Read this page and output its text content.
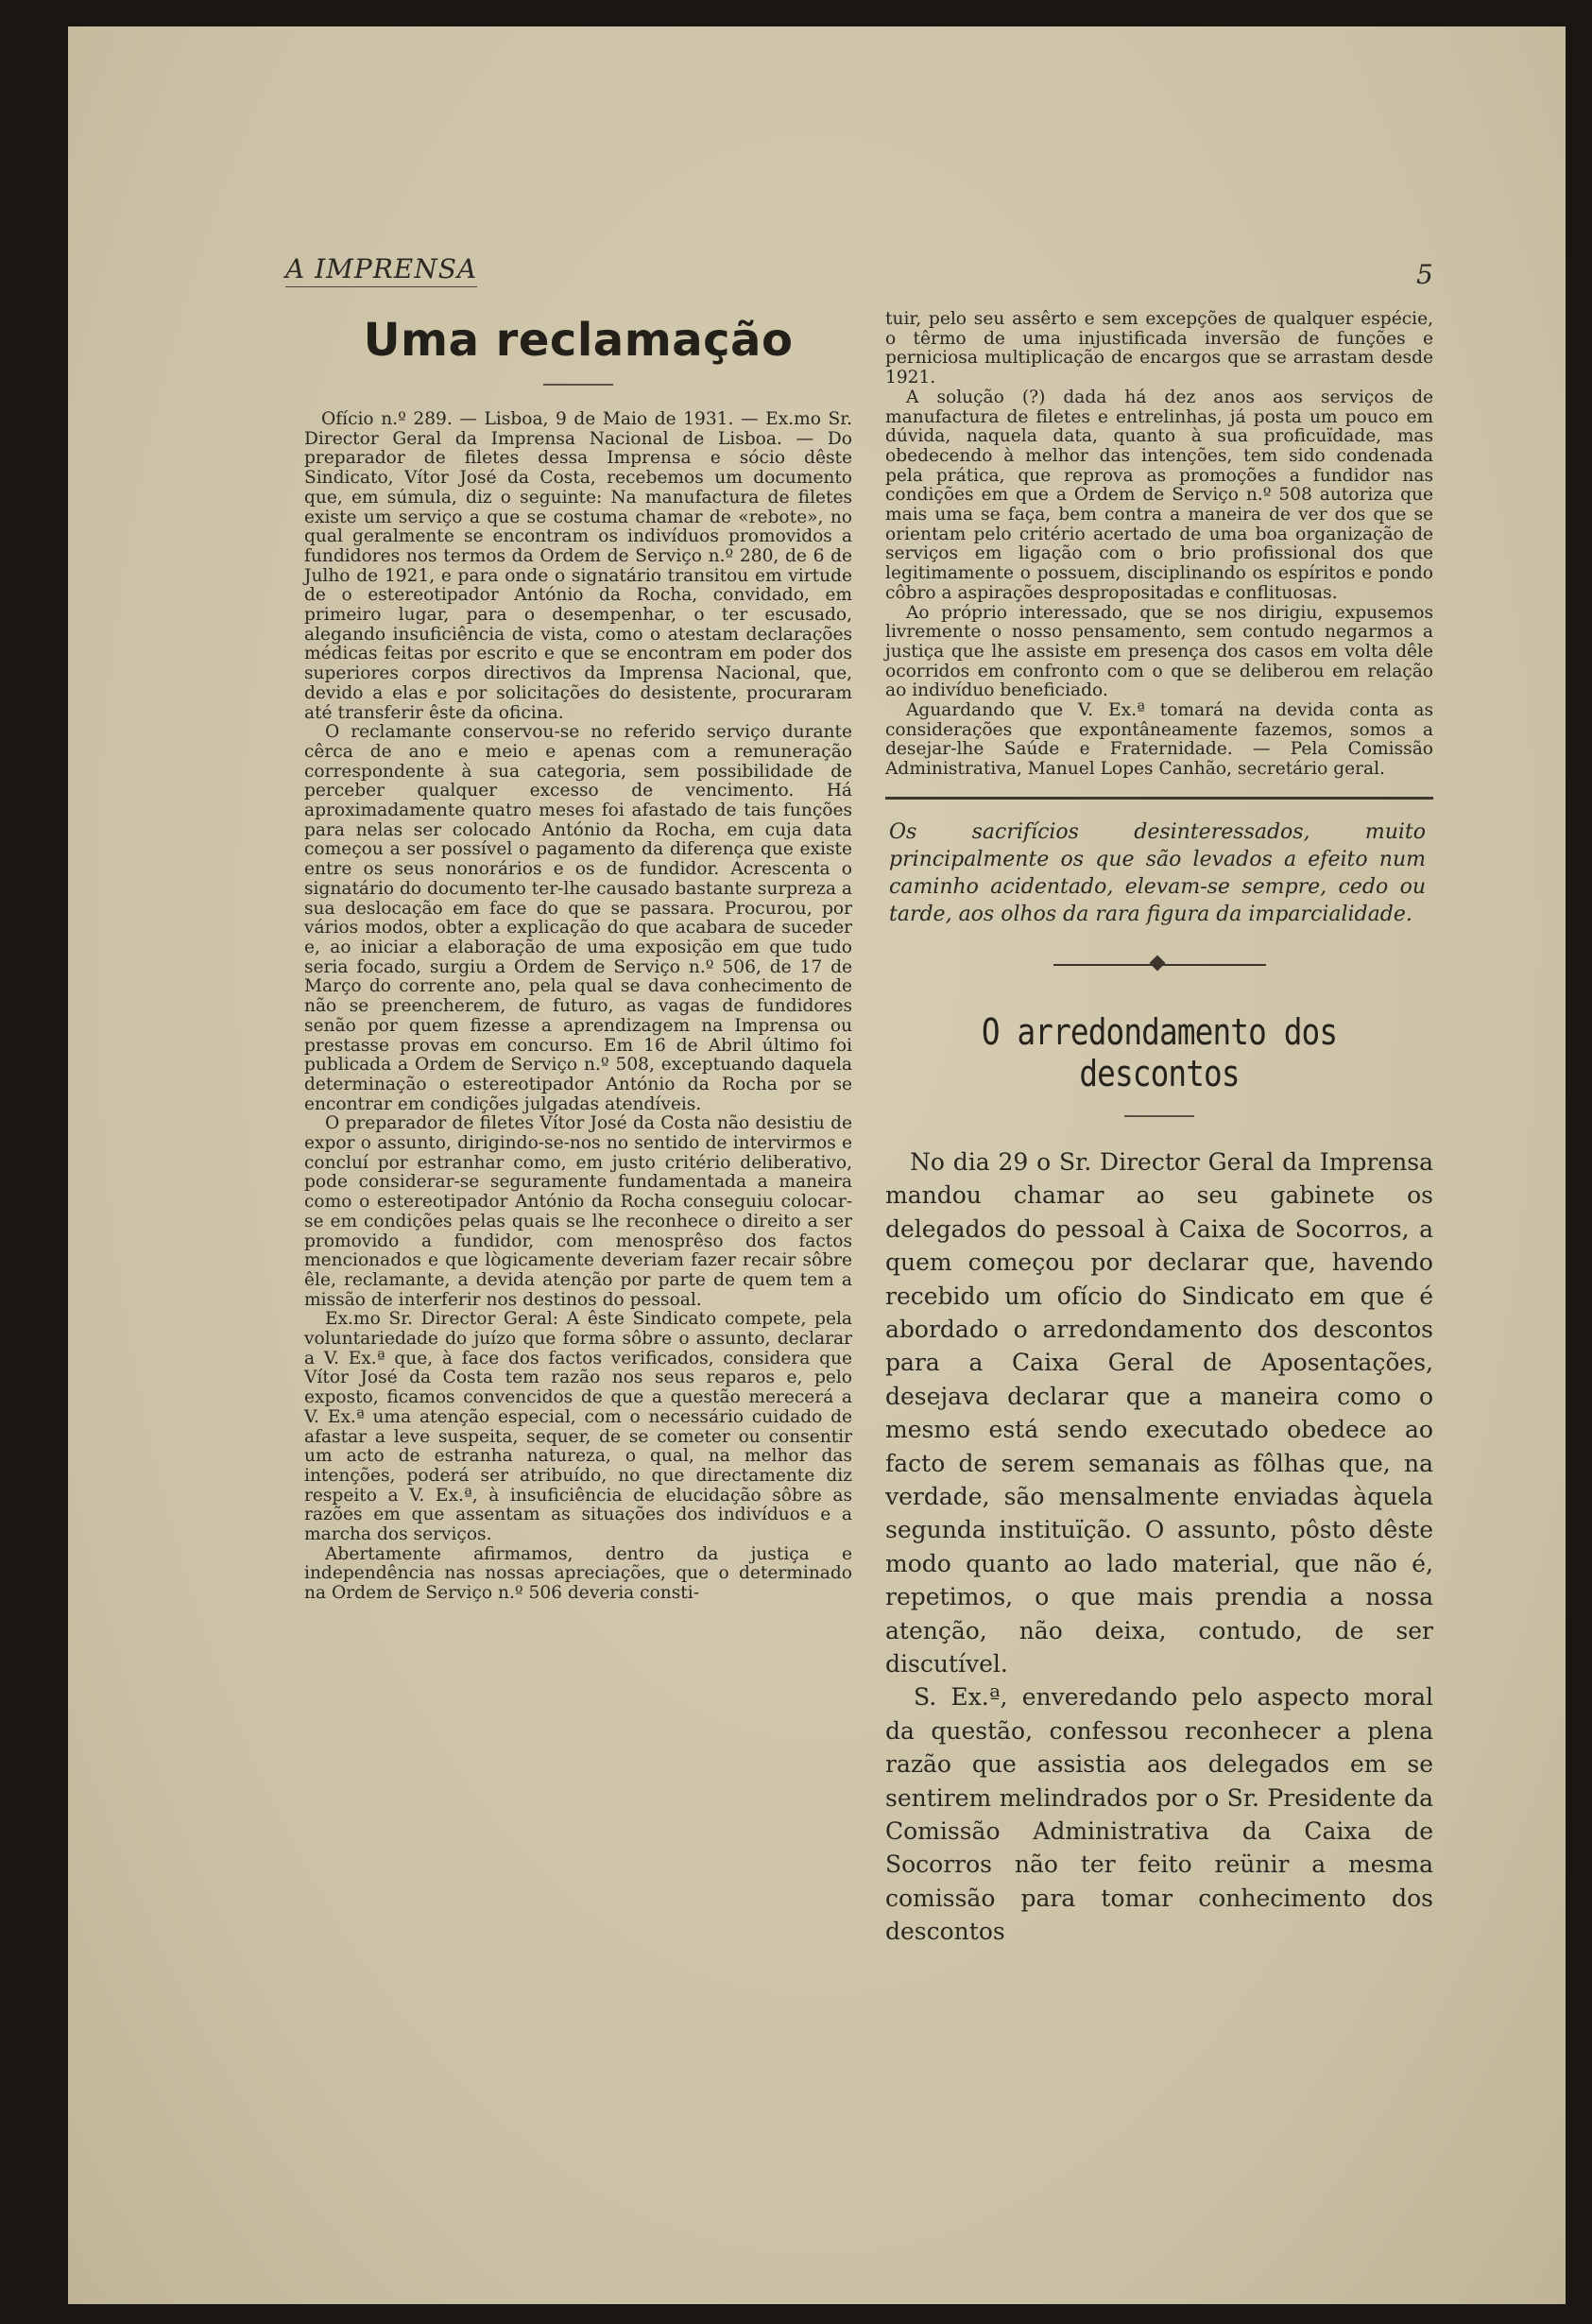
A IMPRENSA	5
Uma reclamação

Ofício n.º 289. — Lisboa, 9 de Maio de 1931. — Ex.mo Sr. Director Geral da Imprensa Nacional de Lisboa. — Do preparador de filetes dessa Imprensa e sócio dêste Sindicato, Vítor José da Costa, recebemos um documento que, em súmula, diz o seguinte: Na manufactura de filetes existe um serviço a que se costuma chamar de «rebote», no qual geralmente se encontram os indivíduos promovidos a fundidores nos termos da Ordem de Serviço n.º 280, de 6 de Julho de 1921, e para onde o signatário transitou em virtude de o estereotipador António da Rocha, convidado, em primeiro lugar, para o desempenhar, o ter escusado, alegando insuficiência de vista, como o atestam declarações médicas feitas por escrito e que se encontram em poder dos superiores corpos directivos da Imprensa Nacional, que, devido a elas e por solicitações do desistente, procuraram até transferir êste da oficina.

O reclamante conservou-se no referido serviço durante cêrca de ano e meio e apenas com a remuneração correspondente à sua categoria, sem possibilidade de perceber qualquer excesso de vencimento. Há aproximadamente quatro meses foi afastado de tais funções para nelas ser colocado António da Rocha, em cuja data começou a ser possível o pagamento da diferença que existe entre os seus nonorários e os de fundidor. Acrescenta o signatário do documento ter-lhe causado bastante surpreza a sua deslocação em face do que se passara. Procurou, por vários modos, obter a explicação do que acabara de suceder e, ao iniciar a elaboração de uma exposição em que tudo seria focado, surgiu a Ordem de Serviço n.º 506, de 17 de Março do corrente ano, pela qual se dava conhecimento de não se preencherem, de futuro, as vagas de fundidores senão por quem fizesse a aprendizagem na Imprensa ou prestasse provas em concurso. Em 16 de Abril último foi publicada a Ordem de Serviço n.º 508, exceptuando daquela determinação o estereotipador António da Rocha por se encontrar em condições julgadas atendíveis.

O preparador de filetes Vítor José da Costa não desistiu de expor o assunto, dirigindo-se-nos no sentido de intervirmos e concluí por estranhar como, em justo critério deliberativo, pode considerar-se seguramente fundamentada a maneira como o estereotipador António da Rocha conseguiu colocar-se em condições pelas quais se lhe reconhece o direito a ser promovido a fundidor, com menosprêso dos factos mencionados e que lògicamente deveriam fazer recair sôbre êle, reclamante, a devida atenção por parte de quem tem a missão de interferir nos destinos do pessoal.

Ex.mo Sr. Director Geral: A êste Sindicato compete, pela voluntariedade do juízo que forma sôbre o assunto, declarar a V. Ex.ª que, à face dos factos verificados, considera que Vítor José da Costa tem razão nos seus reparos e, pelo exposto, ficamos convencidos de que a questão merecerá a V. Ex.ª uma atenção especial, com o necessário cuidado de afastar a leve suspeita, sequer, de se cometer ou consentir um acto de estranha natureza, o qual, na melhor das intenções, poderá ser atribuído, no que directamente diz respeito a V. Ex.ª, à insuficiência de elucidação sôbre as razões em que assentam as situações dos indivíduos e a marcha dos serviços.

Abertamente afirmamos, dentro da justiça e independência nas nossas apreciações, que o determinado na Ordem de Serviço n.º 506 deveria consti-

tuir, pelo seu assêrto e sem excepções de qualquer espécie, o têrmo de uma injustificada inversão de funções e perniciosa multiplicação de encargos que se arrastam desde 1921.

A solução (?) dada há dez anos aos serviços de manufactura de filetes e entrelinhas, já posta um pouco em dúvida, naquela data, quanto à sua proficuïdade, mas obedecendo à melhor das intenções, tem sido condenada pela prática, que reprova as promoções a fundidor nas condições em que a Ordem de Serviço n.º 508 autoriza que mais uma se faça, bem contra a maneira de ver dos que se orientam pelo critério acertado de uma boa organização de serviços em ligação com o brio profissional dos que legitimamente o possuem, disciplinando os espíritos e pondo côbro a aspirações despropositadas e conflituosas.

Ao próprio interessado, que se nos dirigiu, expusemos livremente o nosso pensamento, sem contudo negarmos a justiça que lhe assiste em presença dos casos em volta dêle ocorridos em confronto com o que se deliberou em relação ao indivíduo beneficiado.

Aguardando que V. Ex.ª tomará na devida conta as considerações que expontâneamente fazemos, somos a desejar-lhe Saúde e Fraternidade. — Pela Comissão Administrativa, Manuel Lopes Canhão, secretário geral.

Os sacrifícios desinteressados, muito principalmente os que são levados a efeito num caminho acidentado, elevam-se sempre, cedo ou tarde, aos olhos da rara figura da imparcialidade.

O arredondamento dos descontos

No dia 29 o Sr. Director Geral da Imprensa mandou chamar ao seu gabinete os delegados do pessoal à Caixa de Socorros, a quem começou por declarar que, havendo recebido um ofício do Sindicato em que é abordado o arredondamento dos descontos para a Caixa Geral de Aposentações, desejava declarar que a maneira como o mesmo está sendo executado obedece ao facto de serem semanais as fôlhas que, na verdade, são mensalmente enviadas àquela segunda instituïção. O assunto, pôsto dêste modo quanto ao lado material, que não é, repetimos, o que mais prendia a nossa atenção, não deixa, contudo, de ser discutível.

S. Ex.ª, enveredando pelo aspecto moral da questão, confessou reconhecer a plena razão que assistia aos delegados em se sentirem melindrados por o Sr. Presidente da Comissão Administrativa da Caixa de Socorros não ter feito reünir a mesma comissão para tomar conhecimento dos descontos
